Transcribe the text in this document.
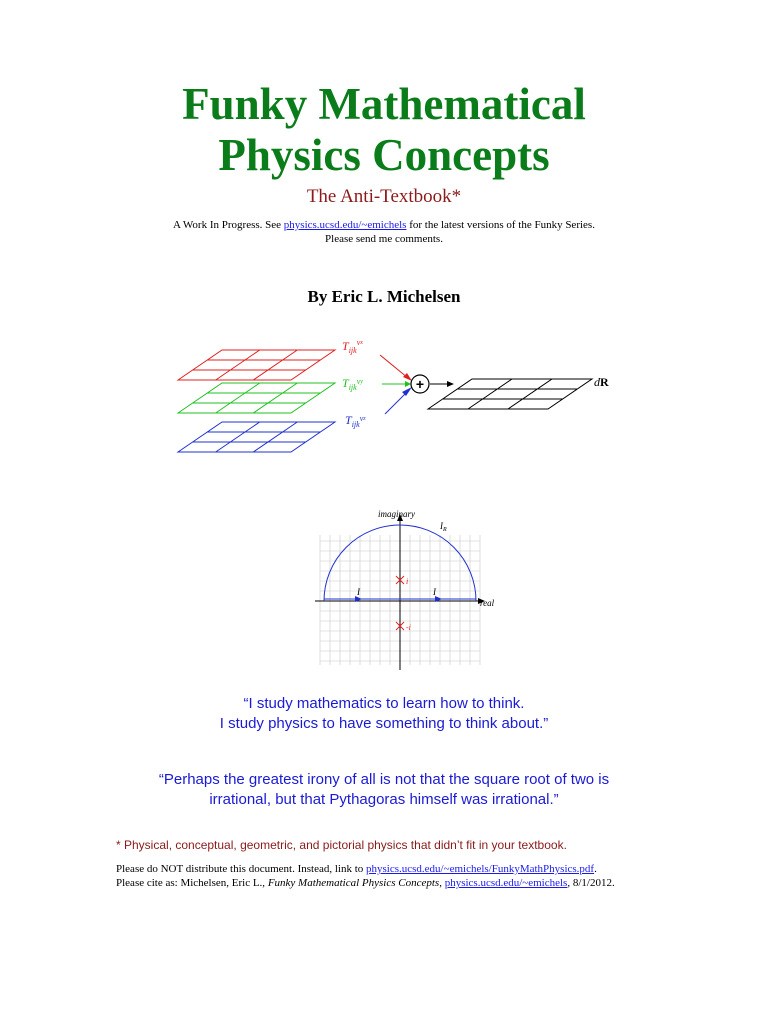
Funky Mathematical
Physics Concepts
The Anti-Textbook*
A Work In Progress. See physics.ucsd.edu/~emichels for the latest versions of the Funky Series.
Please send me comments.
By Eric L. Michelsen
$T_{ijk}^vx$
$T_{ijk}^vy$
$T_{ijk}^vz$
+	dR
i
-i
imaginary
real
$I_R$
I	I
“I study mathematics to learn how to think.
I study physics to have something to think about.”
“Perhaps the greatest irony of all is not that the square root of two is
irrational, but that Pythagoras himself was irrational.”
* Physical, conceptual, geometric, and pictorial physics that didn’t fit in your textbook.
Please do NOT distribute this document. Instead, link to physics.ucsd.edu/~emichels/FunkyMathPhysics.pdf.
Please cite as: Michelsen, Eric L., Funky Mathematical Physics Concepts, physics.ucsd.edu/~emichels, 8/1/2012.
